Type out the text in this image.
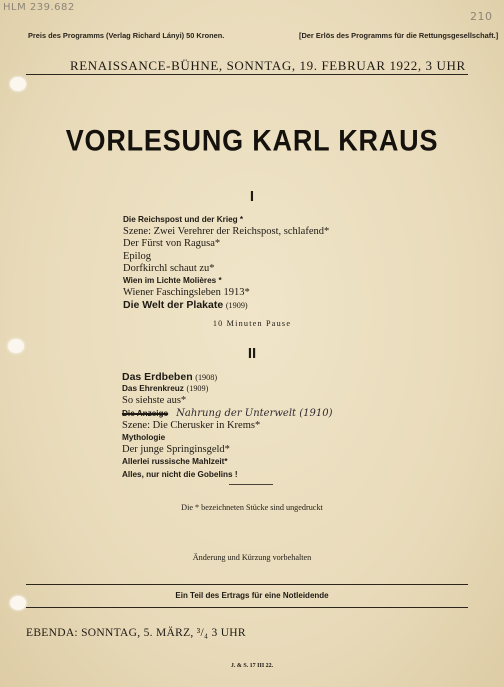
HLM 239.682
210
Preis des Programms (Verlag Richard Lányi) 50 Kronen.	[Der Erlös des Programms für die Rettungsgesellschaft.]
RENAISSANCE-BÜHNE, SONNTAG, 19. FEBRUAR 1922, 3 UHR
VORLESUNG KARL KRAUS
I
Die Reichspost und der Krieg *
Szene: Zwei Verehrer der Reichspost, schlafend*
Der Fürst von Ragusa*
Epilog
Dorfkirchl schaut zu*
Wien im Lichte Molières *
Wiener Faschingsleben 1913*
Die Welt der Plakate (1909)
10 Minuten Pause
II
Das Erdbeben (1908)
Das Ehrenkreuz (1909)
So siehste aus*
Die Anzeige Nahrung der Unterwelt (1910)
Szene: Die Cherusker in Krems*
Mythologie
Der junge Springinsgeld*
Allerlei russische Mahlzeit*
Alles, nur nicht die Gobelins !
Die * bezeichneten Stücke sind ungedruckt
Änderung und Kürzung vorbehalten
Ein Teil des Ertrags für eine Notleidende
EBENDA: SONNTAG, 5. MÄRZ, ³/₄ 3 UHR
J. & S. 17 III 22.
